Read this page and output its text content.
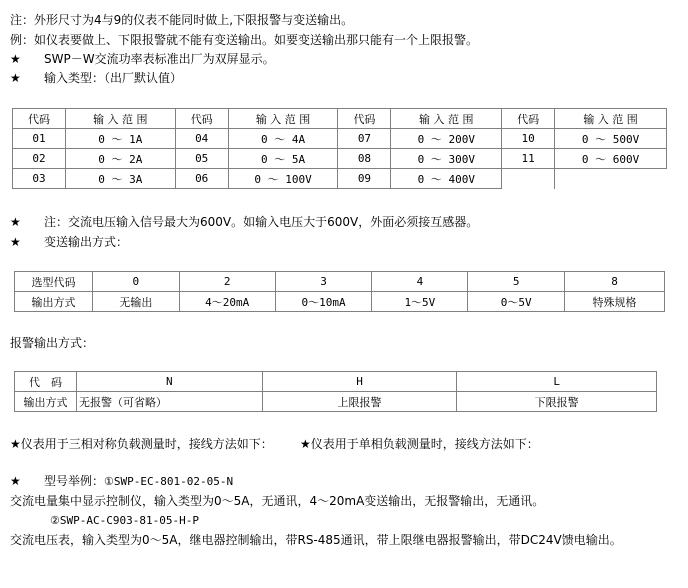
注：外形尺寸为4与9的仪表不能同时做上,下限报警与变送输出。
例：如仪表要做上、下限报警就不能有变送输出。如要变送输出那只能有一个上限报警。
★ SWP－W交流功率表标准出厂为双屏显示。
★ 输入类型：（出厂默认值）
代码	输 入 范 围	代码	输 入 范 围	代码	输 入 范 围	代码	输 入 范 围
01	0 ～ 1A	04	0 ～ 4A	07	0 ～ 200V	10	0 ～ 500V
02	0 ～ 2A	05	0 ～ 5A	08	0 ～ 300V	11	0 ～ 600V
03	0 ～ 3A	06	0 ～ 100V	09	0 ～ 400V		
★ 注：交流电压输入信号最大为600V。如输入电压大于600V，外面必须接互感器。
★ 变送输出方式：
选型代码	0	2	3	4	5	8
输出方式	无输出	4～20mA	0～10mA	1～5V	0～5V	特殊规格
报警输出方式：
代　码	N	H	L
输出方式	无报警（可省略）	上限报警	下限报警
★仪表用于三相对称负载测量时，接线方法如下： ★仪表用于单相负载测量时，接线方法如下：
★ 型号举例：①SWP-EC-801-02-05-N
交流电量集中显示控制仪，输入类型为0～5A，无通讯，4～20mA变送输出，无报警输出，无通讯。
②SWP-AC-C903-81-05-H-P
交流电压表，输入类型为0～5A，继电器控制输出，带RS-485通讯，带上限继电器报警输出，带DC24V馈电输出。
